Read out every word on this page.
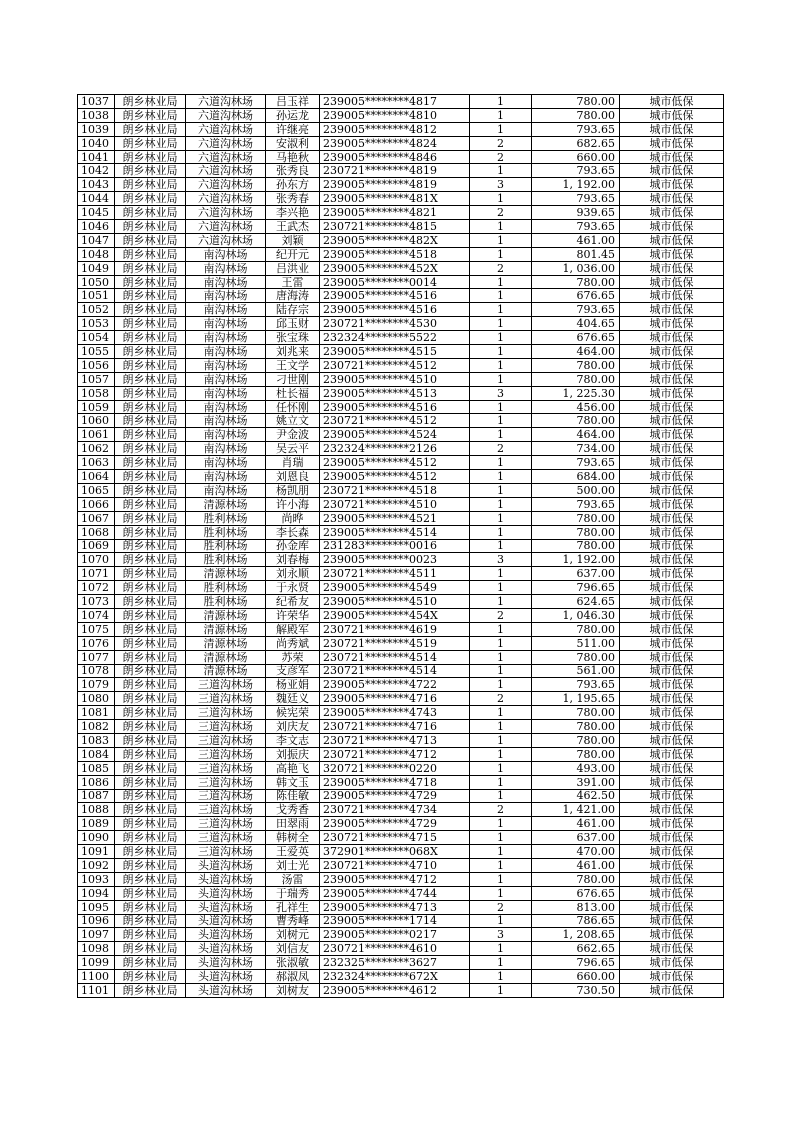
1037	朗乡林业局	六道沟林场	吕玉祥	239005********4817	1	780.00	城市低保
1038	朗乡林业局	六道沟林场	孙运龙	239005********4810	1	780.00	城市低保
1039	朗乡林业局	六道沟林场	许继亮	239005********4812	1	793.65	城市低保
1040	朗乡林业局	六道沟林场	安淑利	239005********4824	2	682.65	城市低保
1041	朗乡林业局	六道沟林场	马艳秋	239005********4846	2	660.00	城市低保
1042	朗乡林业局	六道沟林场	张秀良	230721********4819	1	793.65	城市低保
1043	朗乡林业局	六道沟林场	孙东方	239005********4819	3	1, 192.00	城市低保
1044	朗乡林业局	六道沟林场	张秀春	239005********481X	1	793.65	城市低保
1045	朗乡林业局	六道沟林场	李兴艳	239005********4821	2	939.65	城市低保
1046	朗乡林业局	六道沟林场	王武杰	230721********4815	1	793.65	城市低保
1047	朗乡林业局	六道沟林场	刘颖	239005********482X	1	461.00	城市低保
1048	朗乡林业局	南沟林场	纪开元	239005********4518	1	801.45	城市低保
1049	朗乡林业局	南沟林场	吕洪业	239005********452X	2	1, 036.00	城市低保
1050	朗乡林业局	南沟林场	王雷	239005********0014	1	780.00	城市低保
1051	朗乡林业局	南沟林场	唐海涛	239005********4516	1	676.65	城市低保
1052	朗乡林业局	南沟林场	陆存宗	239005********4516	1	793.65	城市低保
1053	朗乡林业局	南沟林场	邱玉财	230721********4530	1	404.65	城市低保
1054	朗乡林业局	南沟林场	张宝珠	232324********5522	1	676.65	城市低保
1055	朗乡林业局	南沟林场	刘兆来	239005********4515	1	464.00	城市低保
1056	朗乡林业局	南沟林场	王文学	230721********4512	1	780.00	城市低保
1057	朗乡林业局	南沟林场	刁世刚	239005********4510	1	780.00	城市低保
1058	朗乡林业局	南沟林场	杜长福	239005********4513	3	1, 225.30	城市低保
1059	朗乡林业局	南沟林场	任怀刚	239005********4516	1	456.00	城市低保
1060	朗乡林业局	南沟林场	姚立文	230721********4512	1	780.00	城市低保
1061	朗乡林业局	南沟林场	尹金波	239005********4524	1	464.00	城市低保
1062	朗乡林业局	南沟林场	吴云平	232324********2126	2	734.00	城市低保
1063	朗乡林业局	南沟林场	肖瑞	239005********4512	1	793.65	城市低保
1064	朗乡林业局	南沟林场	刘恩良	239005********4512	1	684.00	城市低保
1065	朗乡林业局	南沟林场	杨凯朋	230721********4518	1	500.00	城市低保
1066	朗乡林业局	清源林场	许小海	230721********4510	1	793.65	城市低保
1067	朗乡林业局	胜利林场	尚晔	239005********4521	1	780.00	城市低保
1068	朗乡林业局	胜利林场	李长森	239005********4514	1	780.00	城市低保
1069	朗乡林业局	胜利林场	孙金库	231283********0016	1	780.00	城市低保
1070	朗乡林业局	胜利林场	刘春梅	239005********0023	3	1, 192.00	城市低保
1071	朗乡林业局	清源林场	刘永顺	230721********4511	1	637.00	城市低保
1072	朗乡林业局	胜利林场	于永贤	239005********4549	1	796.65	城市低保
1073	朗乡林业局	胜利林场	纪希友	239005********4510	1	624.65	城市低保
1074	朗乡林业局	清源林场	许荣华	239005********454X	2	1, 046.30	城市低保
1075	朗乡林业局	清源林场	解殿军	230721********4619	1	780.00	城市低保
1076	朗乡林业局	清源林场	尚秀斌	230721********4519	1	511.00	城市低保
1077	朗乡林业局	清源林场	苏荣	230721********4514	1	780.00	城市低保
1078	朗乡林业局	清源林场	支彦军	230721********4514	1	561.00	城市低保
1079	朗乡林业局	三道沟林场	杨亚娟	239005********4722	1	793.65	城市低保
1080	朗乡林业局	三道沟林场	魏廷义	239005********4716	2	1, 195.65	城市低保
1081	朗乡林业局	三道沟林场	候宪荣	239005********4743	1	780.00	城市低保
1082	朗乡林业局	三道沟林场	刘庆友	230721********4716	1	780.00	城市低保
1083	朗乡林业局	三道沟林场	李文志	230721********4713	1	780.00	城市低保
1084	朗乡林业局	三道沟林场	刘振庆	230721********4712	1	780.00	城市低保
1085	朗乡林业局	三道沟林场	高艳飞	320721********0220	1	493.00	城市低保
1086	朗乡林业局	三道沟林场	韩文玉	239005********4718	1	391.00	城市低保
1087	朗乡林业局	三道沟林场	陈佳敏	239005********4729	1	462.50	城市低保
1088	朗乡林业局	三道沟林场	戈秀香	230721********4734	2	1, 421.00	城市低保
1089	朗乡林业局	三道沟林场	田翠雨	239005********4729	1	461.00	城市低保
1090	朗乡林业局	三道沟林场	韩树全	230721********4715	1	637.00	城市低保
1091	朗乡林业局	三道沟林场	王爱英	372901********068X	1	470.00	城市低保
1092	朗乡林业局	头道沟林场	刘士光	230721********4710	1	461.00	城市低保
1093	朗乡林业局	头道沟林场	汤雷	239005********4712	1	780.00	城市低保
1094	朗乡林业局	头道沟林场	于瑞秀	239005********4744	1	676.65	城市低保
1095	朗乡林业局	头道沟林场	孔祥生	239005********4713	2	813.00	城市低保
1096	朗乡林业局	头道沟林场	曹秀峰	239005********1714	1	786.65	城市低保
1097	朗乡林业局	头道沟林场	刘树元	239005********0217	3	1, 208.65	城市低保
1098	朗乡林业局	头道沟林场	刘信友	230721********4610	1	662.65	城市低保
1099	朗乡林业局	头道沟林场	张淑敏	232325********3627	1	796.65	城市低保
1100	朗乡林业局	头道沟林场	郝淑凤	232324********672X	1	660.00	城市低保
1101	朗乡林业局	头道沟林场	刘树友	239005********4612	1	730.50	城市低保
